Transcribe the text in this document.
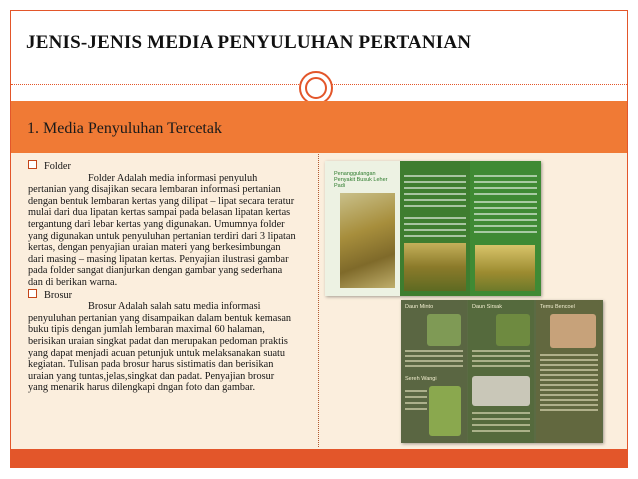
JENIS-JENIS MEDIA PENYULUHAN PERTANIAN
1. Media Penyuluhan Tercetak
Folder

Folder Adalah media informasi penyuluh pertanian yang disajikan secara lembaran informasi pertanian dengan bentuk lembaran kertas yang dilipat – lipat secara teratur mulai dari dua lipatan kertas sampai pada belasan lipatan kertas tergantung dari lebar kertas yang digunakan. Umumnya folder yang digunakan untuk penyuluhan pertanian terdiri dari 3 lipatan kertas, dengan penyajian uraian materi yang berkesimbungan dari masing – masing lipatan kertas. Penyajian ilustrasi gambar pada folder sangat dianjurkan dengan gambar yang sederhana dan di berikan warna.

Brosur

Brosur Adalah salah satu media informasi penyuluhan pertanian yang disampaikan dalam bentuk kemasan buku tipis dengan jumlah lembaran maximal 60 halaman, berisikan uraian singkat padat dan merupakan pedoman praktis yang dapat menjadi acuan petunjuk untuk melaksanakan suatu kegiatan. Tulisan pada brosur harus sistimatis dan berisikan uraian yang tuntas,jelas,singkat dan padat. Penyajian brosur yang menarik harus dilengkapi dngan foto dan gambar.

Penanggulangan Penyakit Busuk Leher Padi
Daun Minto
Sereh Wangi
Daun Sirsak	Temu Bencoel
